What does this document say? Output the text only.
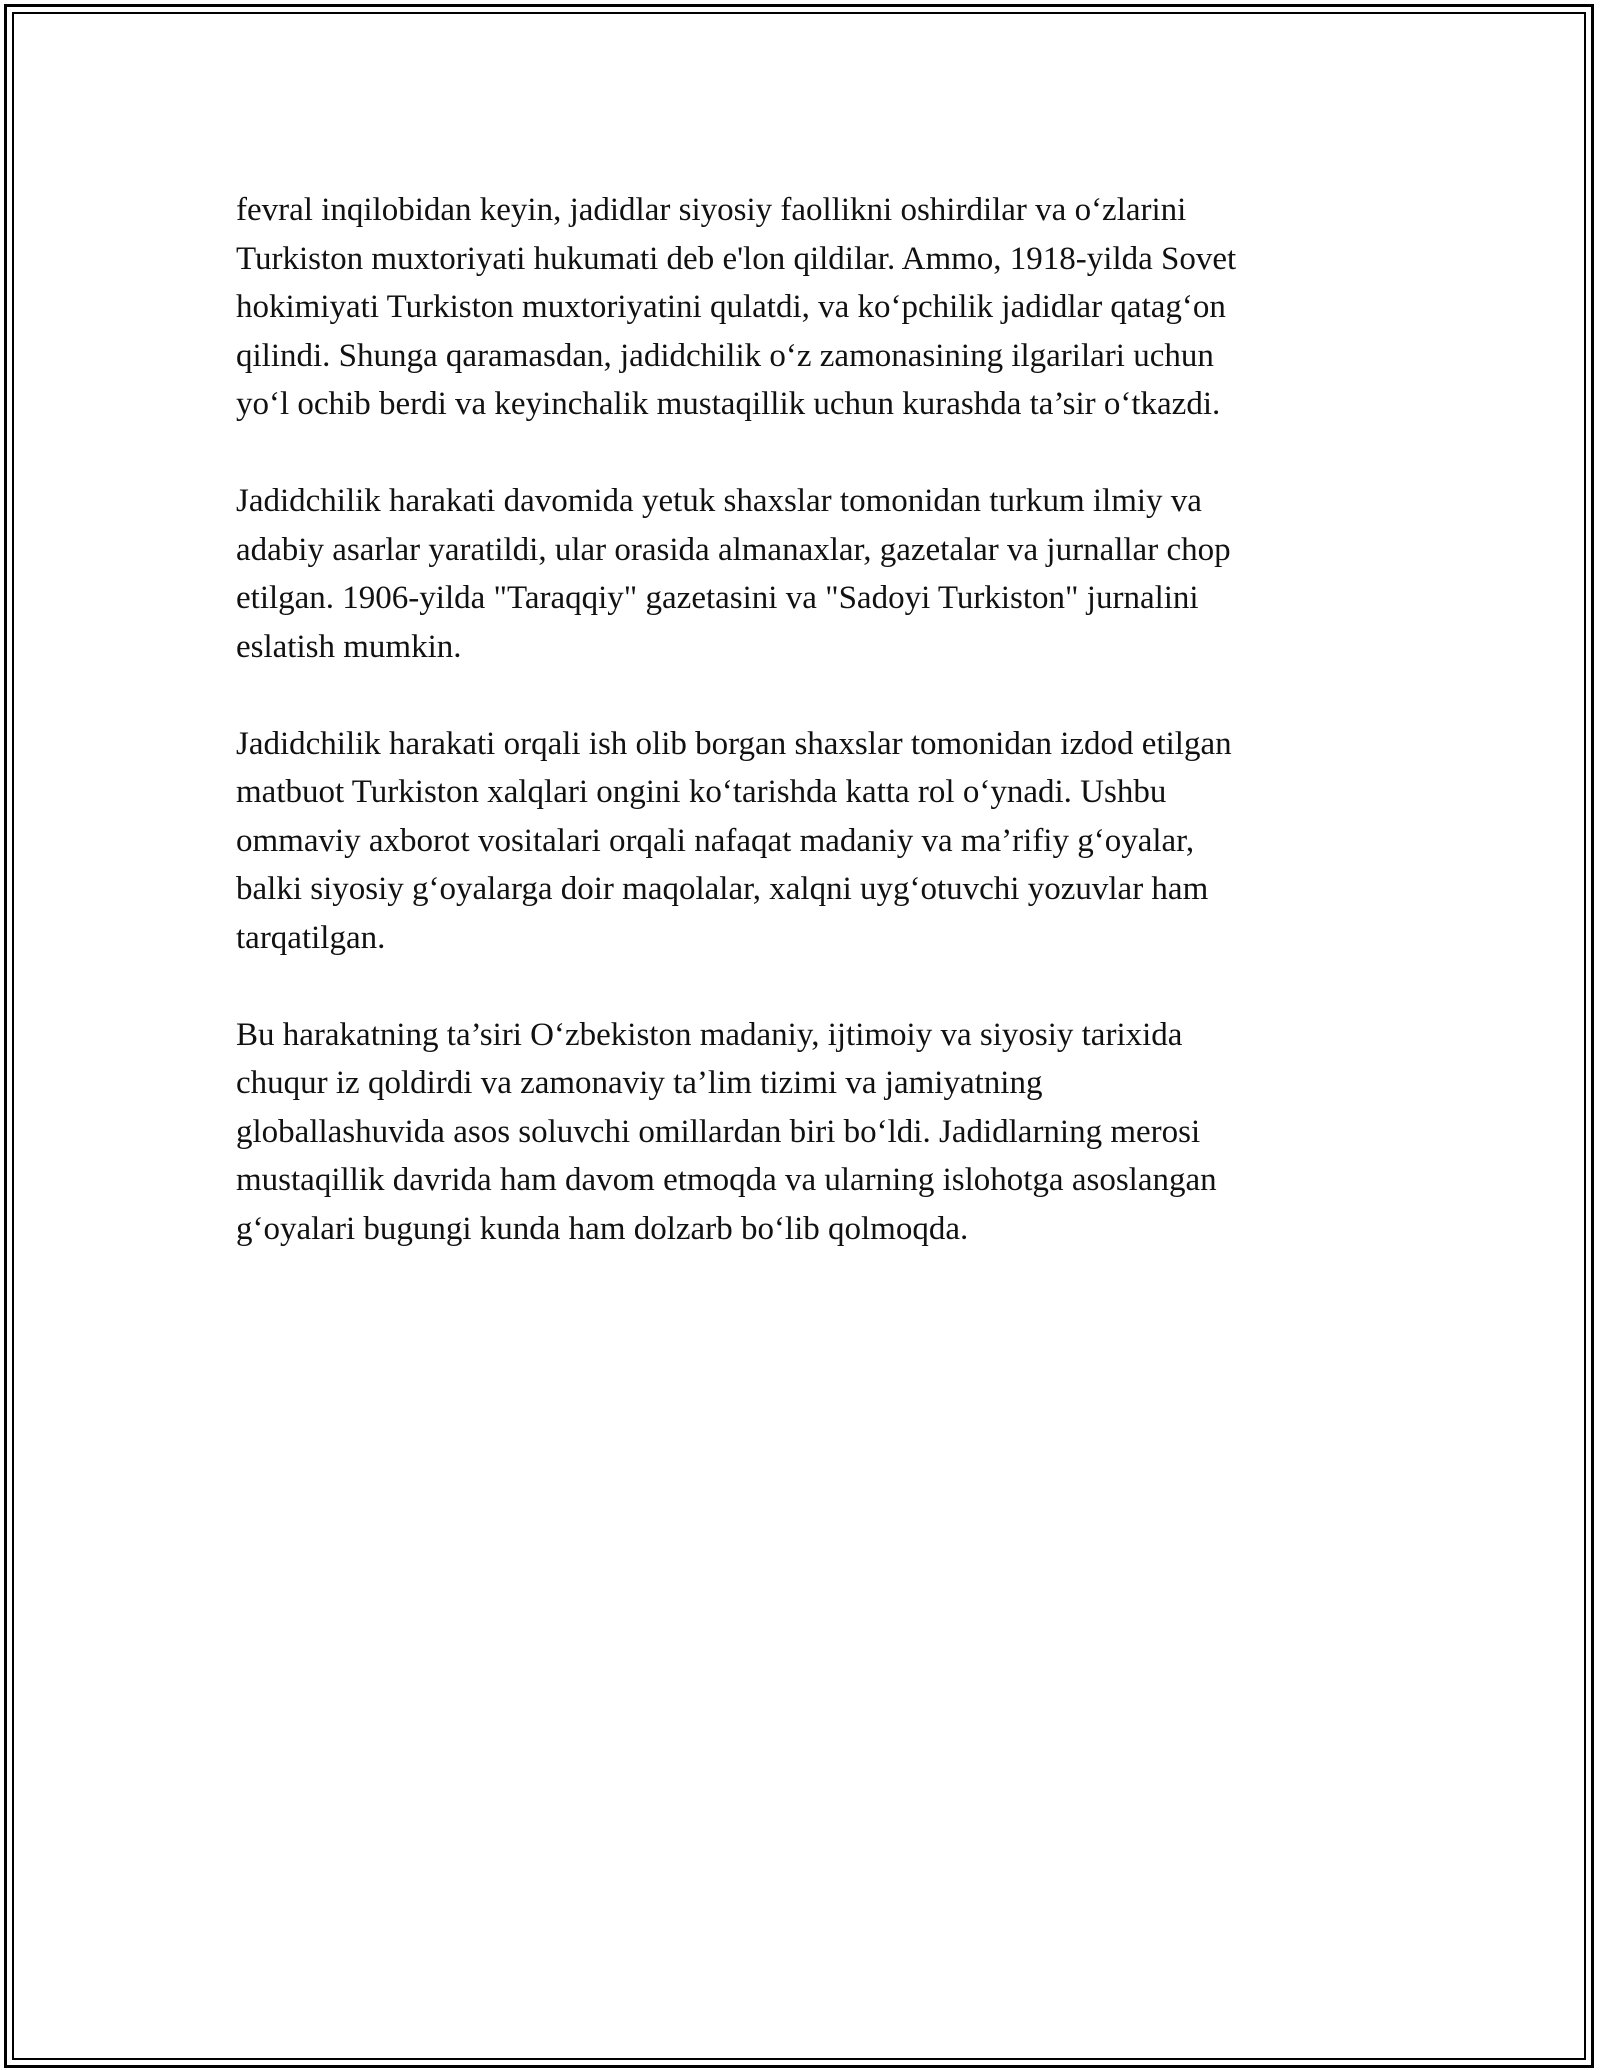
fevral inqilobidan keyin, jadidlar siyosiy faollikni oshirdilar va o‘zlarini
Turkiston muxtoriyati hukumati deb e'lon qildilar. Ammo, 1918-yilda Sovet
hokimiyati Turkiston muxtoriyatini qulatdi, va ko‘pchilik jadidlar qatag‘on
qilindi. Shunga qaramasdan, jadidchilik o‘z zamonasining ilgarilari uchun
yo‘l ochib berdi va keyinchalik mustaqillik uchun kurashda ta’sir o‘tkazdi.

Jadidchilik harakati davomida yetuk shaxslar tomonidan turkum ilmiy va
adabiy asarlar yaratildi, ular orasida almanaxlar, gazetalar va jurnallar chop
etilgan. 1906-yilda "Taraqqiy" gazetasini va "Sadoyi Turkiston" jurnalini
eslatish mumkin.

Jadidchilik harakati orqali ish olib borgan shaxslar tomonidan izdod etilgan
matbuot Turkiston xalqlari ongini ko‘tarishda katta rol o‘ynadi. Ushbu
ommaviy axborot vositalari orqali nafaqat madaniy va ma’rifiy g‘oyalar,
balki siyosiy g‘oyalarga doir maqolalar, xalqni uyg‘otuvchi yozuvlar ham
tarqatilgan.

Bu harakatning ta’siri O‘zbekiston madaniy, ijtimoiy va siyosiy tarixida
chuqur iz qoldirdi va zamonaviy ta’lim tizimi va jamiyatning
globallashuvida asos soluvchi omillardan biri bo‘ldi. Jadidlarning merosi
mustaqillik davrida ham davom etmoqda va ularning islohotga asoslangan
g‘oyalari bugungi kunda ham dolzarb bo‘lib qolmoqda.
